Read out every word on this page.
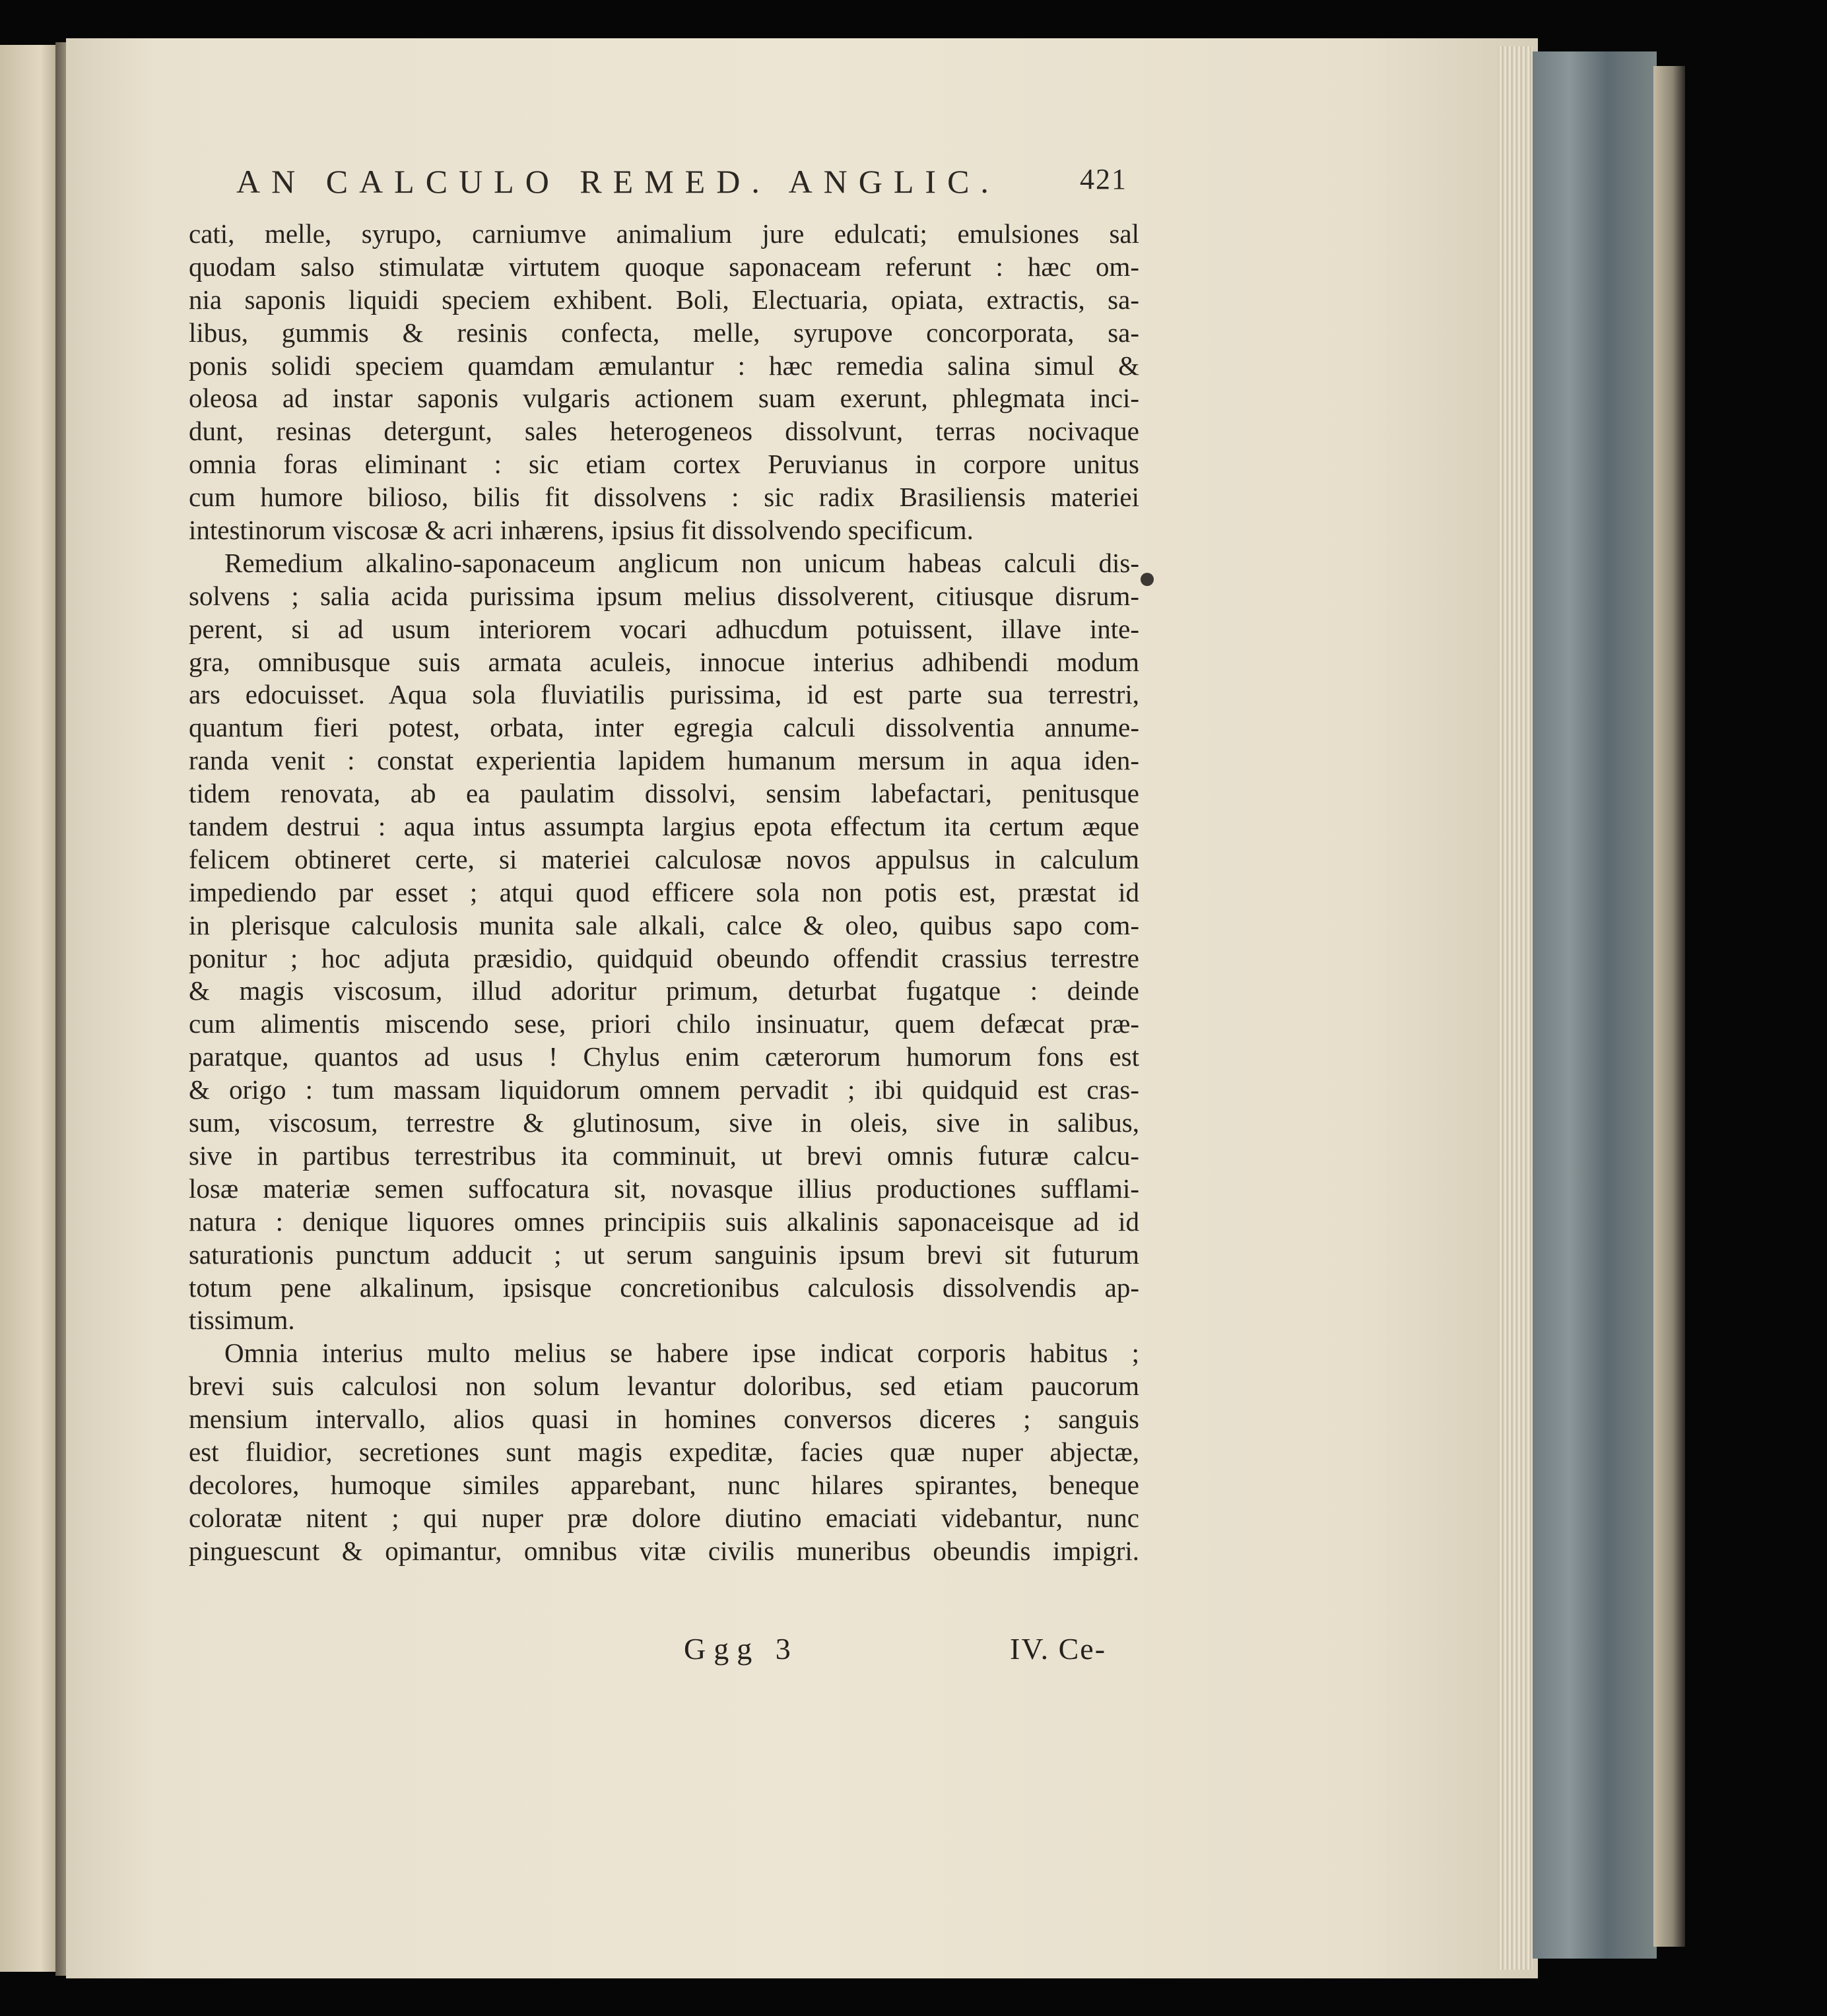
AN CALCULO REMED. ANGLIC.	421
cati, melle, syrupo, carniumve animalium jure edulcati; emulsiones sal
quodam salso stimulatæ virtutem quoque saponaceam referunt : hæc om-
nia saponis liquidi speciem exhibent. Boli, Electuaria, opiata, extractis, sa-
libus, gummis & resinis confecta, melle, syrupove concorporata, sa-
ponis solidi speciem quamdam æmulantur : hæc remedia salina simul &
oleosa ad instar saponis vulgaris actionem suam exerunt, phlegmata inci-
dunt, resinas detergunt, sales heterogeneos dissolvunt, terras nocivaque
omnia foras eliminant : sic etiam cortex Peruvianus in corpore unitus
cum humore bilioso, bilis fit dissolvens : sic radix Brasiliensis materiei
intestinorum viscosæ & acri inhærens, ipsius fit dissolvendo specificum.
Remedium alkalino-saponaceum anglicum non unicum habeas calculi dis-
solvens ; salia acida purissima ipsum melius dissolverent, citiusque disrum-
perent, si ad usum interiorem vocari adhucdum potuissent, illave inte-
gra, omnibusque suis armata aculeis, innocue interius adhibendi modum
ars edocuisset. Aqua sola fluviatilis purissima, id est parte sua terrestri,
quantum fieri potest, orbata, inter egregia calculi dissolventia annume-
randa venit : constat experientia lapidem humanum mersum in aqua iden-
tidem renovata, ab ea paulatim dissolvi, sensim labefactari, penitusque
tandem destrui : aqua intus assumpta largius epota effectum ita certum æque
felicem obtineret certe, si materiei calculosæ novos appulsus in calculum
impediendo par esset ; atqui quod efficere sola non potis est, præstat id
in plerisque calculosis munita sale alkali, calce & oleo, quibus sapo com-
ponitur ; hoc adjuta præsidio, quidquid obeundo offendit crassius terrestre
& magis viscosum, illud adoritur primum, deturbat fugatque : deinde
cum alimentis miscendo sese, priori chilo insinuatur, quem defæcat præ-
paratque, quantos ad usus ! Chylus enim cæterorum humorum fons est
& origo : tum massam liquidorum omnem pervadit ; ibi quidquid est cras-
sum, viscosum, terrestre & glutinosum, sive in oleis, sive in salibus,
sive in partibus terrestribus ita comminuit, ut brevi omnis futuræ calcu-
losæ materiæ semen suffocatura sit, novasque illius productiones sufflami-
natura : denique liquores omnes principiis suis alkalinis saponaceisque ad id
saturationis punctum adducit ; ut serum sanguinis ipsum brevi sit futurum
totum pene alkalinum, ipsisque concretionibus calculosis dissolvendis ap-
tissimum.
Omnia interius multo melius se habere ipse indicat corporis habitus ;
brevi suis calculosi non solum levantur doloribus, sed etiam paucorum
mensium intervallo, alios quasi in homines conversos diceres ; sanguis
est fluidior, secretiones sunt magis expeditæ, facies quæ nuper abjectæ,
decolores, humoque similes apparebant, nunc hilares spirantes, beneque
coloratæ nitent ; qui nuper præ dolore diutino emaciati videbantur, nunc
pinguescunt & opimantur, omnibus vitæ civilis muneribus obeundis impigri.
Ggg 3	IV. Ce-
